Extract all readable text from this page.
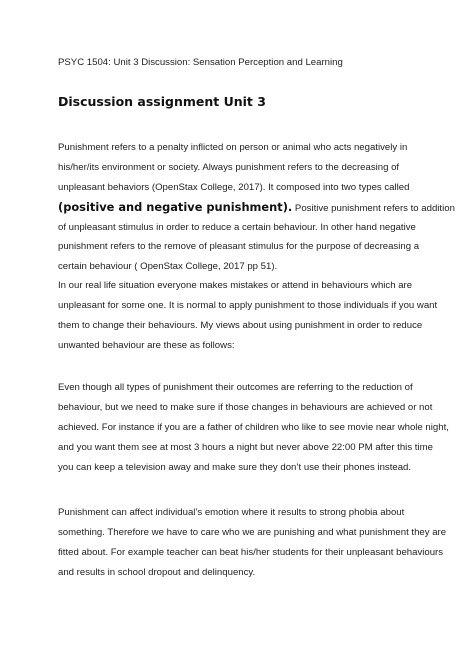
PSYC 1504: Unit 3 Discussion: Sensation Perception and Learning
Discussion assignment Unit 3
Punishment refers to a penalty inflicted on person or animal who acts negatively in
his/her/its environment or society. Always punishment refers to the decreasing of
unpleasant behaviors (OpenStax College, 2017). It composed into two types called
(positive and negative punishment). Positive punishment refers to addition
of unpleasant stimulus in order to reduce a certain behaviour. In other hand negative
punishment refers to the remove of pleasant stimulus for the purpose of decreasing a
certain behaviour ( OpenStax College, 2017 pp 51).
In our real life situation everyone makes mistakes or attend in behaviours which are
unpleasant for some one. It is normal to apply punishment to those individuals if you want
them to change their behaviours. My views about using punishment in order to reduce
unwanted behaviour are these as follows:
Even though all types of punishment their outcomes are referring to the reduction of
behaviour, but we need to make sure if those changes in behaviours are achieved or not
achieved. For instance if you are a father of children who like to see movie near whole night,
and you want them see at most 3 hours a night but never above 22:00 PM after this time
you can keep a television away and make sure they don’t use their phones instead.
Punishment can affect individual’s emotion where it results to strong phobia about
something. Therefore we have to care who we are punishing and what punishment they are
fitted about. For example teacher can beat his/her students for their unpleasant behaviours
and results in school dropout and delinquency.
